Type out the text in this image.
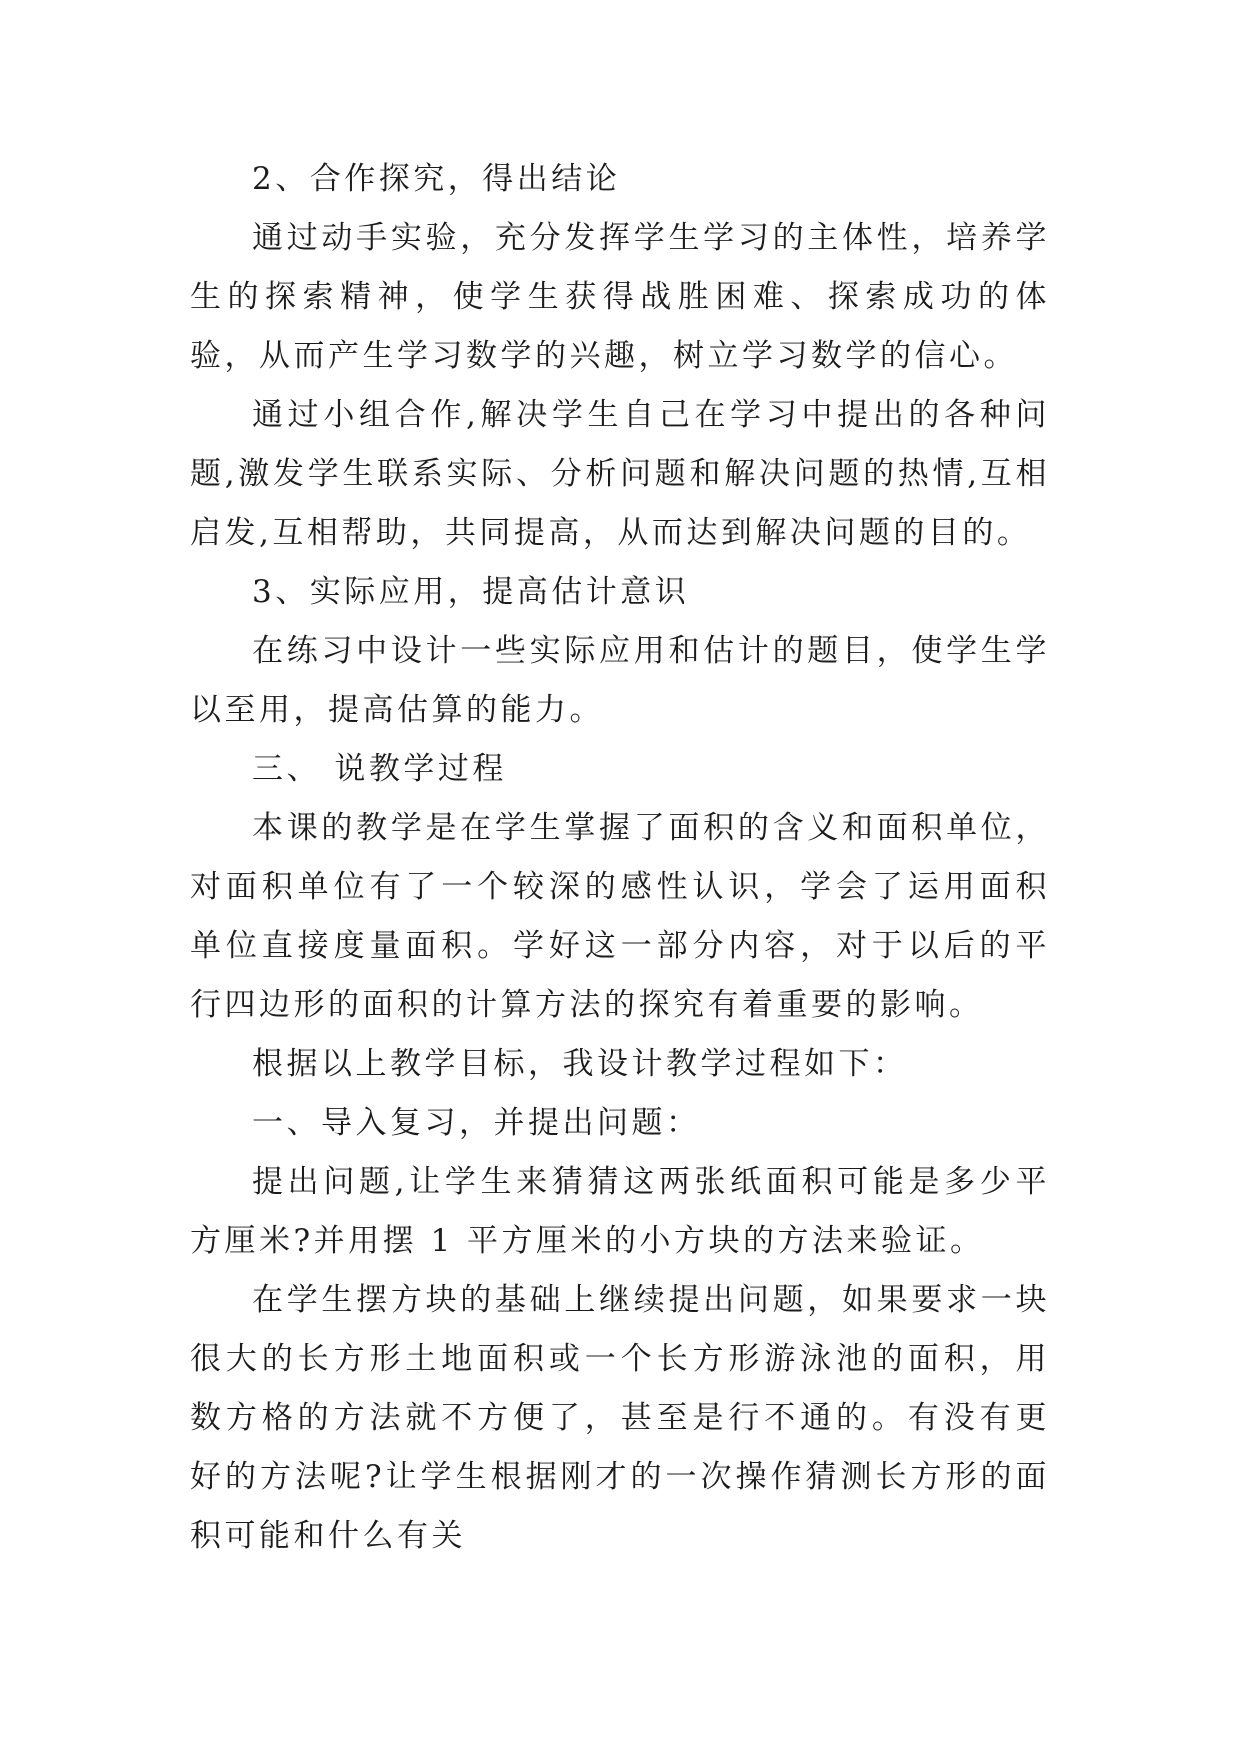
2、合作探究，得出结论

通过动手实验，充分发挥学生学习的主体性，培养学生的探索精神，使学生获得战胜困难、探索成功的体验，从而产生学习数学的兴趣，树立学习数学的信心。

通过小组合作,解决学生自己在学习中提出的各种问题,激发学生联系实际、分析问题和解决问题的热情,互相启发,互相帮助，共同提高，从而达到解决问题的目的。

3、实际应用，提高估计意识

在练习中设计一些实际应用和估计的题目，使学生学以至用，提高估算的能力。

三、 说教学过程

本课的教学是在学生掌握了面积的含义和面积单位，对面积单位有了一个较深的感性认识，学会了运用面积单位直接度量面积。学好这一部分内容，对于以后的平行四边形的面积的计算方法的探究有着重要的影响。

根据以上教学目标，我设计教学过程如下：

一、导入复习，并提出问题：

提出问题,让学生来猜猜这两张纸面积可能是多少平方厘米?并用摆 1 平方厘米的小方块的方法来验证。

在学生摆方块的基础上继续提出问题，如果要求一块很大的长方形土地面积或一个长方形游泳池的面积，用数方格的方法就不方便了，甚至是行不通的。有没有更好的方法呢?让学生根据刚才的一次操作猜测长方形的面积可能和什么有关
